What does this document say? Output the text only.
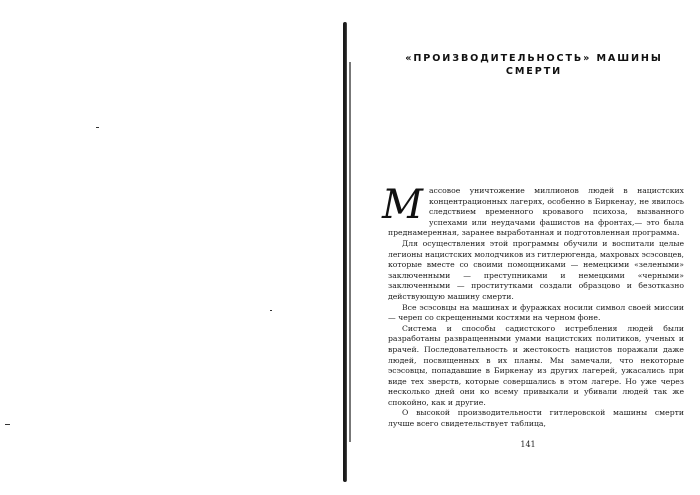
«ПРОИЗВОДИТЕЛЬНОСТЬ» МАШИНЫ СМЕРТИ

Массовое уничтожение миллионов людей в нацистских концентрационных лагерях, особенно в Биркенау, не явилось следствием временного кровавого психоза, вызванного успехами или неудачами фашистов на фронтах,— это была преднамеренная, заранее выработанная и подготовленная программа.

Для осуществления этой программы обучили и воспитали целые легионы нацистских молодчиков из гитлерюгенда, махровых эсэсовцев, которые вместе со своими помощниками — немецкими «зелеными» заключенными — преступниками и немецкими «черными» заключенными — проститутками создали образцово и безотказно действующую машину смерти.

Все эсэсовцы на машинах и фуражках носили символ своей миссии — череп со скрещенными костями на черном фоне.

Система и способы садистского истребления людей были разработаны развращенными умами нацистских политиков, ученых и врачей. Последовательность и жестокость нацистов поражали даже людей, посвященных в их планы. Мы замечали, что некоторые эсэсовцы, попадавшие в Биркенау из других лагерей, ужасались при виде тех зверств, которые совершались в этом лагере. Но уже через несколько дней они ко всему привыкали и убивали людей так же спокойно, как и другие.

О высокой производительности гитлеровской машины смерти лучше всего свидетельствует таблица,

141
